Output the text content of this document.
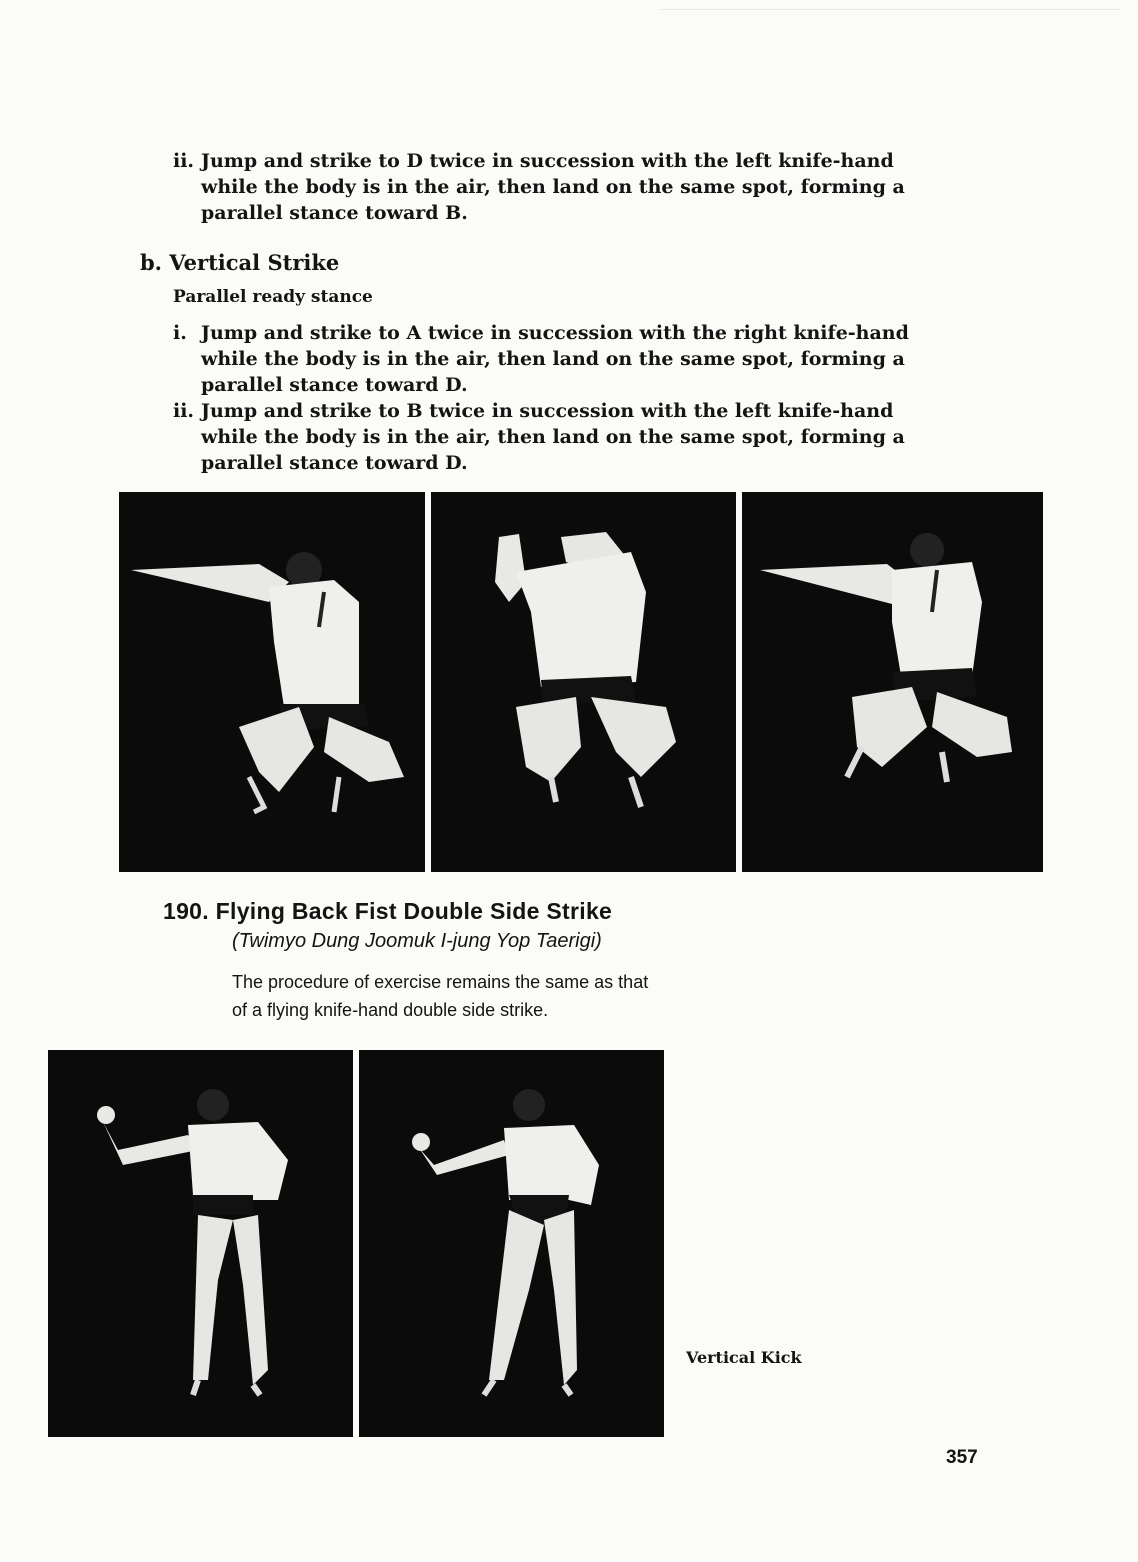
ii. Jump and strike to D twice in succession with the left knife-hand
while the body is in the air, then land on the same spot, forming a
parallel stance toward B.
b. Vertical Strike
Parallel ready stance
i. Jump and strike to A twice in succession with the right knife-hand
while the body is in the air, then land on the same spot, forming a
parallel stance toward D.
ii. Jump and strike to B twice in succession with the left knife-hand
while the body is in the air, then land on the same spot, forming a
parallel stance toward D.
190. Flying Back Fist Double Side Strike
(Twimyo Dung Joomuk I-jung Yop Taerigi)
The procedure of exercise remains the same as that
of a flying knife-hand double side strike.
Vertical Kick
357
